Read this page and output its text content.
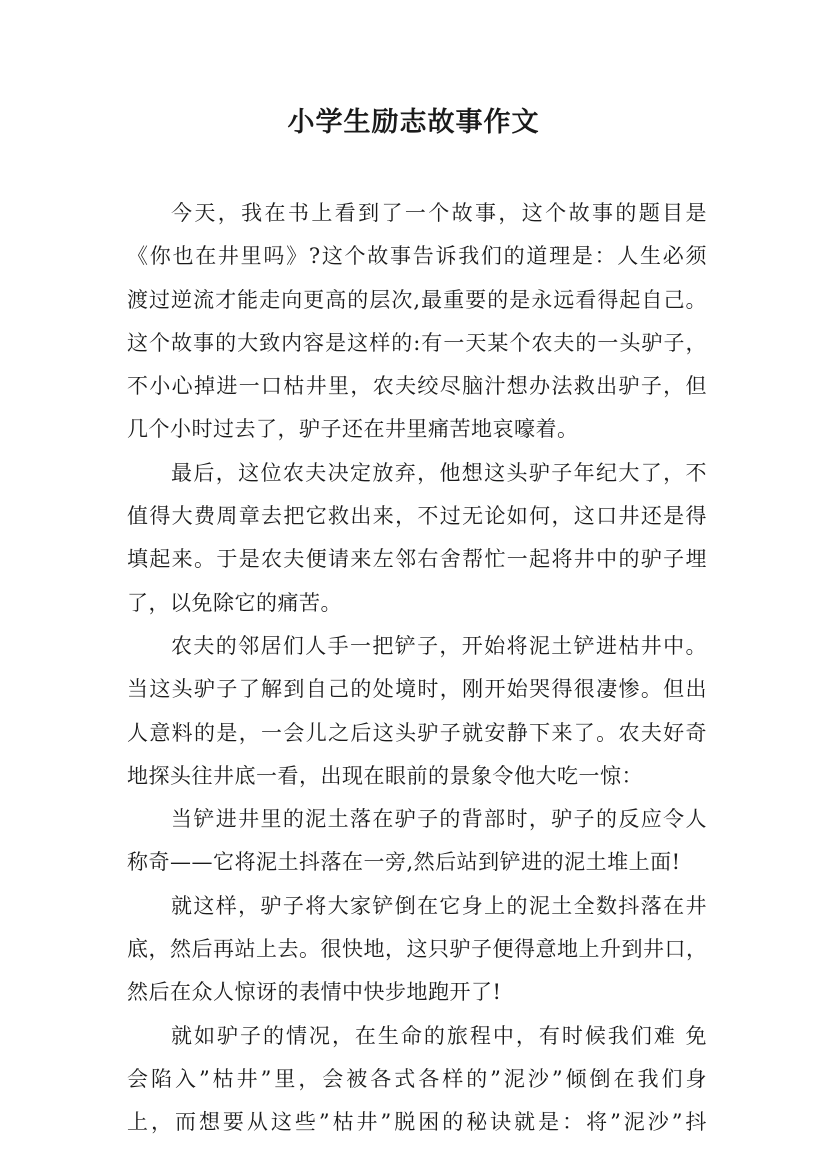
小学生励志故事作文
今天，我在书上看到了一个故事，这个故事的题目是
《你也在井里吗》?这个故事告诉我们的道理是：人生必须
渡过逆流才能走向更高的层次,最重要的是永远看得起自己。
这个故事的大致内容是这样的:有一天某个农夫的一头驴子，
不小心掉进一口枯井里，农夫绞尽脑汁想办法救出驴子，但
几个小时过去了，驴子还在井里痛苦地哀嚎着。
最后，这位农夫决定放弃，他想这头驴子年纪大了，不
值得大费周章去把它救出来，不过无论如何，这口井还是得
填起来。于是农夫便请来左邻右舍帮忙一起将井中的驴子埋
了，以免除它的痛苦。
农夫的邻居们人手一把铲子，开始将泥土铲进枯井中。
当这头驴子了解到自己的处境时，刚开始哭得很凄惨。但出
人意料的是，一会儿之后这头驴子就安静下来了。农夫好奇
地探头往井底一看，出现在眼前的景象令他大吃一惊：
当铲进井里的泥土落在驴子的背部时，驴子的反应令人
称奇——它将泥土抖落在一旁,然后站到铲进的泥土堆上面!
就这样，驴子将大家铲倒在它身上的泥土全数抖落在井
底，然后再站上去。很快地，这只驴子便得意地上升到井口，
然后在众人惊讶的表情中快步地跑开了!
就如驴子的情况，在生命的旅程中，有时候我们难 免
会陷入”枯井”里，会被各式各样的”泥沙”倾倒在我们身
上，而想要从这些”枯井”脱困的秘诀就是：将”泥沙”抖
